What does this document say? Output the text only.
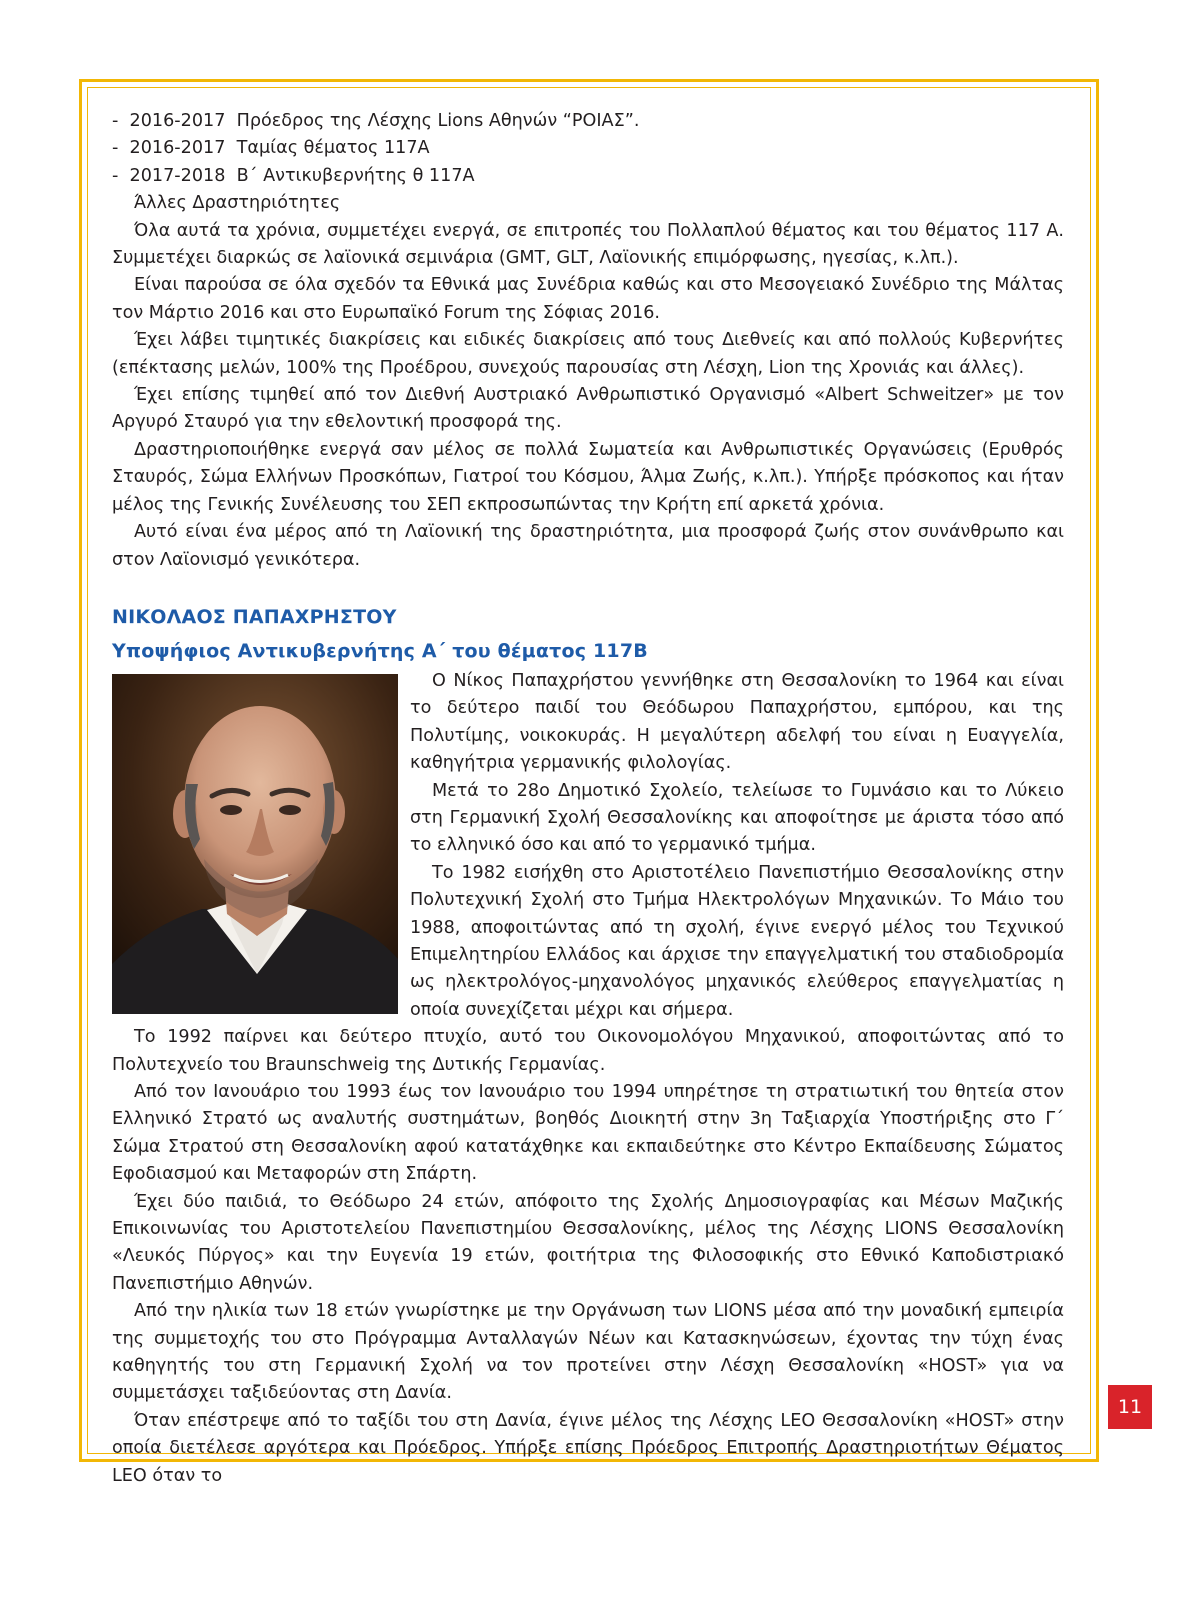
-  2016-2017  Πρόεδρος της Λέσχης Lions Αθηνών “ΡΟΙΑΣ”.

-  2016-2017  Ταμίας θέματος 117Α

-  2017-2018  Β΄ Αντικυβερνήτης θ 117Α

Άλλες Δραστηριότητες

Όλα αυτά τα χρόνια, συμμετέχει ενεργά, σε επιτροπές του Πολλαπλού θέματος και του θέματος 117 Α. Συμμετέχει διαρκώς σε λαϊονικά σεμινάρια (GMT, GLT, Λαϊονικής επιμόρφωσης, ηγεσίας, κ.λπ.).

Είναι παρούσα σε όλα σχεδόν τα Εθνικά μας Συνέδρια καθώς και στο Μεσογειακό Συνέδριο της Μάλτας τον Μάρτιο 2016 και στο Ευρωπαϊκό Forum της Σόφιας 2016.

Έχει λάβει τιμητικές διακρίσεις και ειδικές διακρίσεις από τους Διεθνείς και από πολλούς Κυβερνήτες (επέκτασης μελών, 100% της Προέδρου, συνεχούς παρουσίας στη Λέσχη, Lion της Χρονιάς και άλλες).

Έχει επίσης τιμηθεί από τον Διεθνή Αυστριακό Ανθρωπιστικό Οργανισμό «Albert Schweitzer» με τον Αργυρό Σταυρό για την εθελοντική προσφορά της.

Δραστηριοποιήθηκε ενεργά σαν μέλος σε πολλά Σωματεία και Ανθρωπιστικές Οργανώσεις (Ερυθρός Σταυρός, Σώμα Ελλήνων Προσκόπων, Γιατροί του Κόσμου, Άλμα Ζωής, κ.λπ.). Υπήρξε πρόσκοπος και ήταν μέλος της Γενικής Συνέλευσης του ΣΕΠ εκπροσωπώντας την Κρήτη επί αρκετά χρόνια.

Αυτό είναι ένα μέρος από τη Λαϊονική της δραστηριότητα, μια προσφορά ζωής στον συνάνθρωπο και στον Λαϊονισμό γενικότερα.

ΝΙΚΟΛΑΟΣ ΠΑΠΑΧΡΗΣΤΟΥ
Υποψήφιος Αντικυβερνήτης Α΄ του θέματος 117Β

Ο Νίκος Παπαχρήστου γεννήθηκε στη Θεσσαλονίκη το 1964 και είναι το δεύτερο παιδί του Θεόδωρου Παπαχρήστου, εμπόρου, και της Πολυτίμης, νοικοκυράς. Η μεγαλύτερη αδελφή του είναι η Ευαγγελία, καθηγήτρια γερμανικής φιλολογίας.

Μετά το 28ο Δημοτικό Σχολείο, τελείωσε το Γυμνάσιο και το Λύκειο στη Γερμανική Σχολή Θεσσαλονίκης και αποφοίτησε με άριστα τόσο από το ελληνικό όσο και από το γερμανικό τμήμα.

Το 1982 εισήχθη στο Αριστοτέλειο Πανεπιστήμιο Θεσσαλονίκης στην Πολυτεχνική Σχολή στο Τμήμα Ηλεκτρολόγων Μηχανικών. Το Μάιο του 1988, αποφοιτώντας από τη σχολή, έγινε ενεργό μέλος του Τεχνικού Επιμελητηρίου Ελλάδος και άρχισε την επαγγελματική του σταδιοδρομία ως ηλεκτρολόγος-μηχανολόγος μηχανικός ελεύθερος επαγγελματίας η οποία συνεχίζεται μέχρι και σήμερα.

Το 1992 παίρνει και δεύτερο πτυχίο, αυτό του Οικονομολόγου Μηχανικού, αποφοιτώντας από το Πολυτεχνείο του Braunschweig της Δυτικής Γερμανίας.

Από τον Ιανουάριο του 1993 έως τον Ιανουάριο του 1994 υπηρέτησε τη στρατιωτική του θητεία στον Ελληνικό Στρατό ως αναλυτής συστημάτων, βοηθός Διοικητή στην 3η Ταξιαρχία Υποστήριξης στο Γ΄ Σώμα Στρατού στη Θεσσαλονίκη αφού κατατάχθηκε και εκπαιδεύτηκε στο Κέντρο Εκπαίδευσης Σώματος Εφοδιασμού και Μεταφορών στη Σπάρτη.

Έχει δύο παιδιά, το Θεόδωρο 24 ετών, απόφοιτο της Σχολής Δημοσιογραφίας και Μέσων Μαζικής Επικοινωνίας του Αριστοτελείου Πανεπιστημίου Θεσσαλονίκης, μέλος της Λέσχης LIONS Θεσσαλονίκη «Λευκός Πύργος» και την Ευγενία 19 ετών, φοιτήτρια της Φιλοσοφικής στο Εθνικό Καποδιστριακό Πανεπιστήμιο Αθηνών.

Από την ηλικία των 18 ετών γνωρίστηκε με την Οργάνωση των LIONS μέσα από την μοναδική εμπειρία της συμμετοχής του στο Πρόγραμμα Ανταλλαγών Νέων και Κατασκηνώσεων, έχοντας την τύχη ένας καθηγητής του στη Γερμανική Σχολή να τον προτείνει στην Λέσχη Θεσσαλονίκη «HOST» για να συμμετάσχει ταξιδεύοντας στη Δανία.

Όταν επέστρεψε από το ταξίδι του στη Δανία, έγινε μέλος της Λέσχης LEO Θεσσαλονίκη «HOST» στην οποία διετέλεσε αργότερα και Πρόεδρος. Υπήρξε επίσης Πρόεδρος Επιτροπής Δραστηριοτήτων Θέματος LEO όταν το

11
